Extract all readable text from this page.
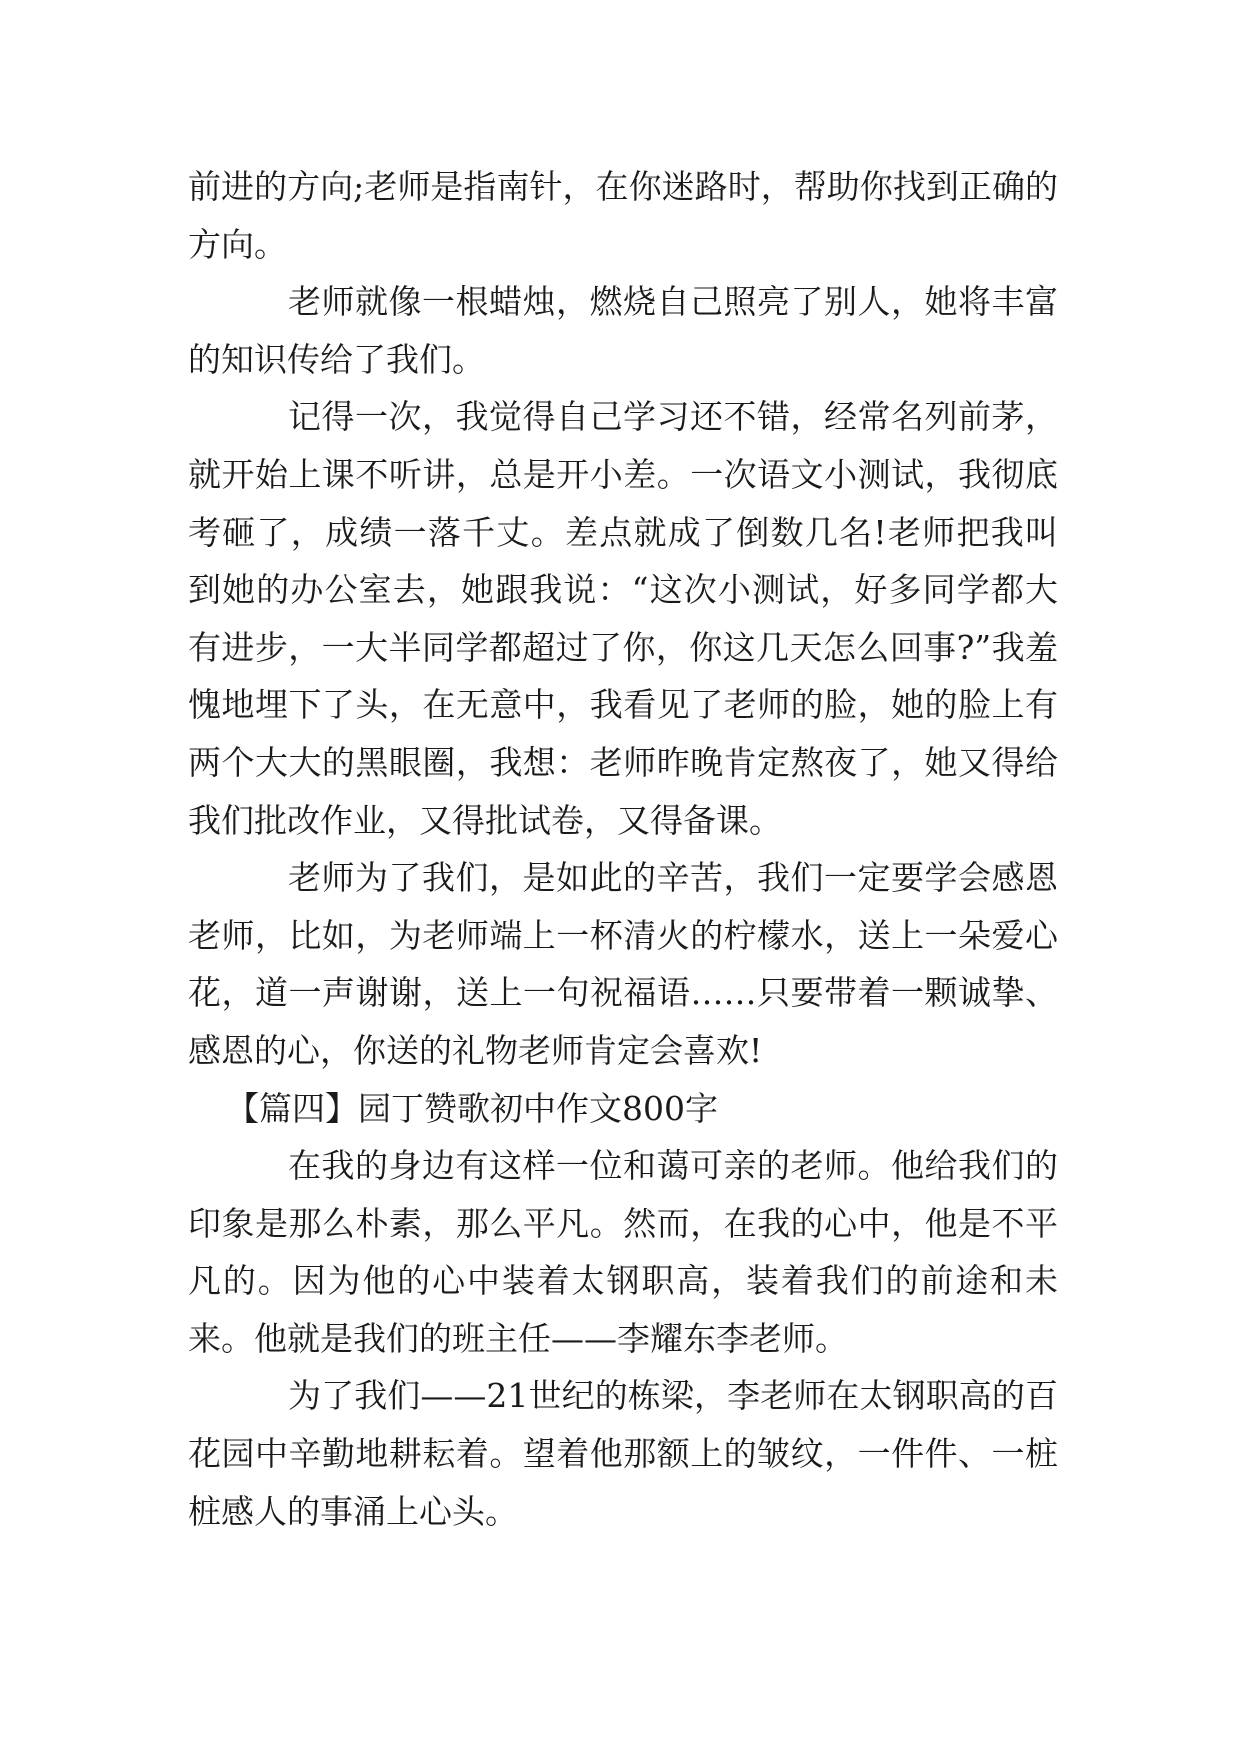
前进的方向;老师是指南针，在你迷路时，帮助你找到正确的方向。

老师就像一根蜡烛，燃烧自己照亮了别人，她将丰富的知识传给了我们。

记得一次，我觉得自己学习还不错，经常名列前茅，就开始上课不听讲，总是开小差。一次语文小测试，我彻底考砸了，成绩一落千丈。差点就成了倒数几名!老师把我叫到她的办公室去，她跟我说：“这次小测试，好多同学都大有进步，一大半同学都超过了你，你这几天怎么回事?”我羞愧地埋下了头，在无意中，我看见了老师的脸，她的脸上有两个大大的黑眼圈，我想：老师昨晚肯定熬夜了，她又得给我们批改作业，又得批试卷，又得备课。

老师为了我们，是如此的辛苦，我们一定要学会感恩老师，比如，为老师端上一杯清火的柠檬水，送上一朵爱心花，道一声谢谢，送上一句祝福语……只要带着一颗诚挚、感恩的心，你送的礼物老师肯定会喜欢!

【篇四】园丁赞歌初中作文800字

在我的身边有这样一位和蔼可亲的老师。他给我们的印象是那么朴素，那么平凡。然而，在我的心中，他是不平凡的。因为他的心中装着太钢职高，装着我们的前途和未来。他就是我们的班主任——李耀东李老师。

为了我们——21世纪的栋梁，李老师在太钢职高的百花园中辛勤地耕耘着。望着他那额上的皱纹，一件件、一桩桩感人的事涌上心头。
